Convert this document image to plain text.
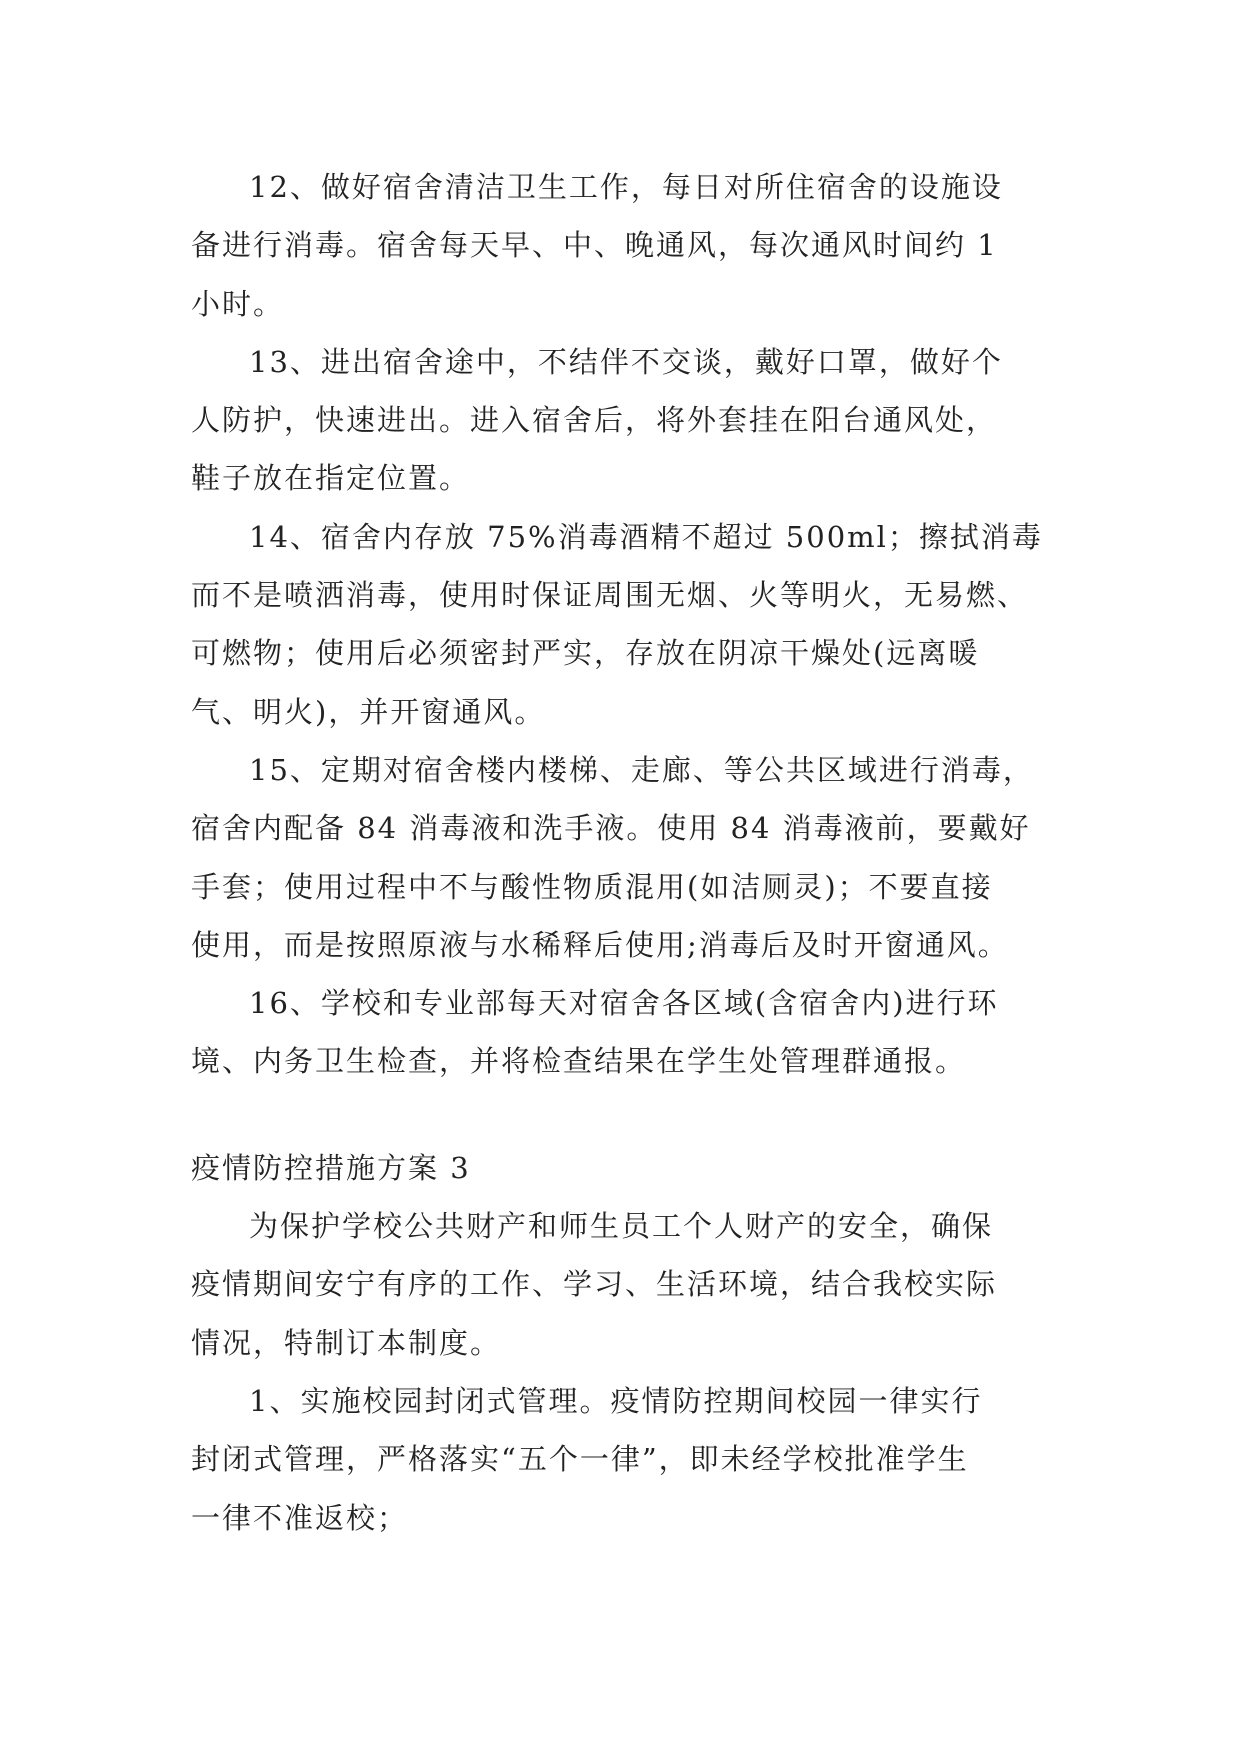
12、做好宿舍清洁卫生工作，每日对所住宿舍的设施设
备进行消毒。宿舍每天早、中、晚通风，每次通风时间约 1
小时。

13、进出宿舍途中，不结伴不交谈，戴好口罩，做好个
人防护，快速进出。进入宿舍后，将外套挂在阳台通风处，
鞋子放在指定位置。

14、宿舍内存放 75%消毒酒精不超过 500ml；擦拭消毒
而不是喷洒消毒，使用时保证周围无烟、火等明火，无易燃、
可燃物；使用后必须密封严实，存放在阴凉干燥处(远离暖
气、明火)，并开窗通风。

15、定期对宿舍楼内楼梯、走廊、等公共区域进行消毒，
宿舍内配备 84 消毒液和洗手液。使用 84 消毒液前，要戴好
手套；使用过程中不与酸性物质混用(如洁厕灵)；不要直接
使用，而是按照原液与水稀释后使用;消毒后及时开窗通风。

16、学校和专业部每天对宿舍各区域(含宿舍内)进行环
境、内务卫生检查，并将检查结果在学生处管理群通报。

疫情防控措施方案 3

为保护学校公共财产和师生员工个人财产的安全，确保
疫情期间安宁有序的工作、学习、生活环境，结合我校实际
情况，特制订本制度。

1、实施校园封闭式管理。疫情防控期间校园一律实行
封闭式管理，严格落实“五个一律”，即未经学校批准学生
一律不准返校；
